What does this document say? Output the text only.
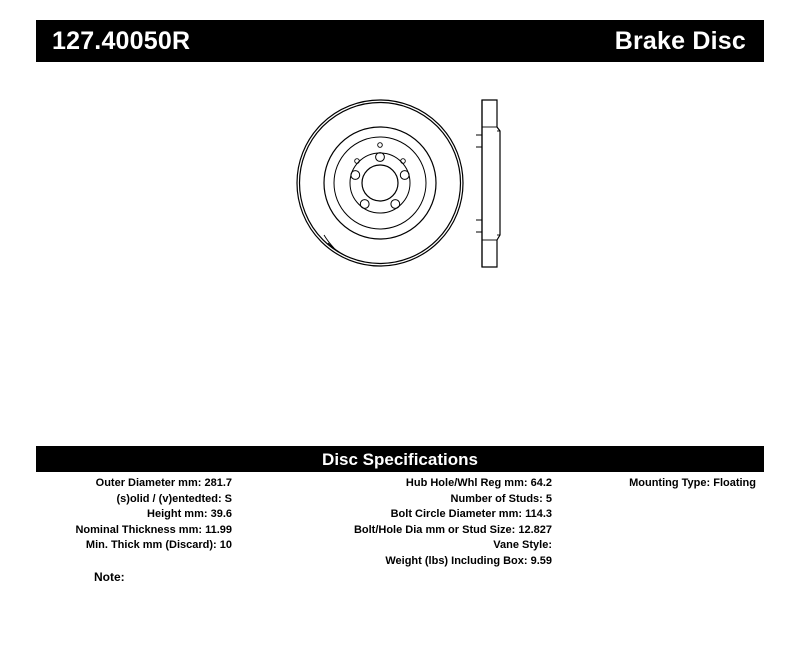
127.40050R	Brake Disc
Disc Specifications
Outer Diameter mm: 281.7
(s)olid / (v)entedted: S
Height mm: 39.6
Nominal Thickness mm: 11.99
Min. Thick mm (Discard): 10
Hub Hole/Whl Reg mm: 64.2
Number of Studs: 5
Bolt Circle Diameter mm: 114.3
Bolt/Hole Dia mm or Stud Size: 12.827
Vane Style:
Weight (lbs) Including Box: 9.59
Mounting Type: Floating
Note:
